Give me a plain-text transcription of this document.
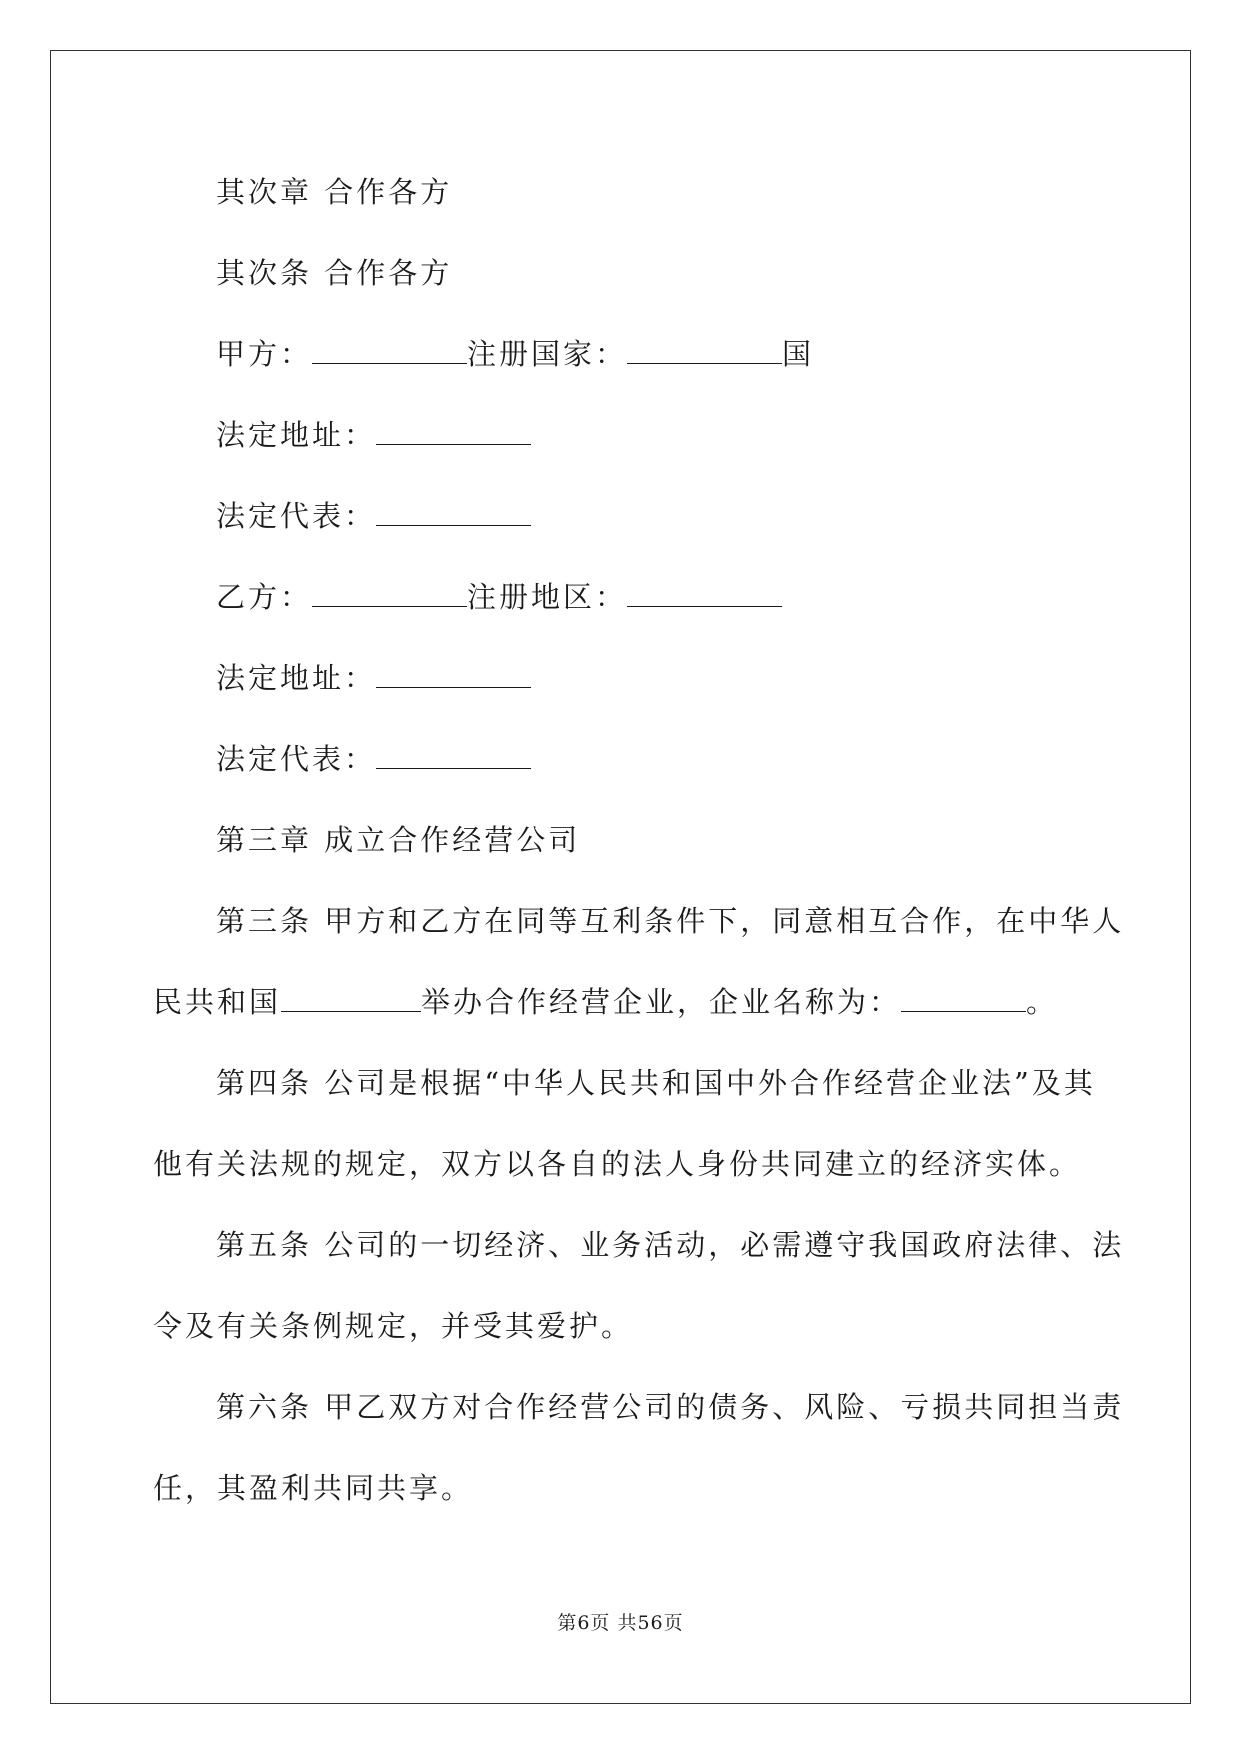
其次章 合作各方
其次条 合作各方
甲方：	注册国家：	国
法定地址：
法定代表：
乙方：	注册地区：
法定地址：
法定代表：
第三章 成立合作经营公司
第三条 甲方和乙方在同等互利条件下，同意相互合作，在中华人
民共和国	举办合作经营企业，企业名称为：	。
第四条 公司是根据“中华人民共和国中外合作经营企业法”及其
他有关法规的规定，双方以各自的法人身份共同建立的经济实体。
第五条 公司的一切经济、业务活动，必需遵守我国政府法律、法
令及有关条例规定，并受其爱护。
第六条 甲乙双方对合作经营公司的债务、风险、亏损共同担当责
任，其盈利共同共享。
第6页 共56页
